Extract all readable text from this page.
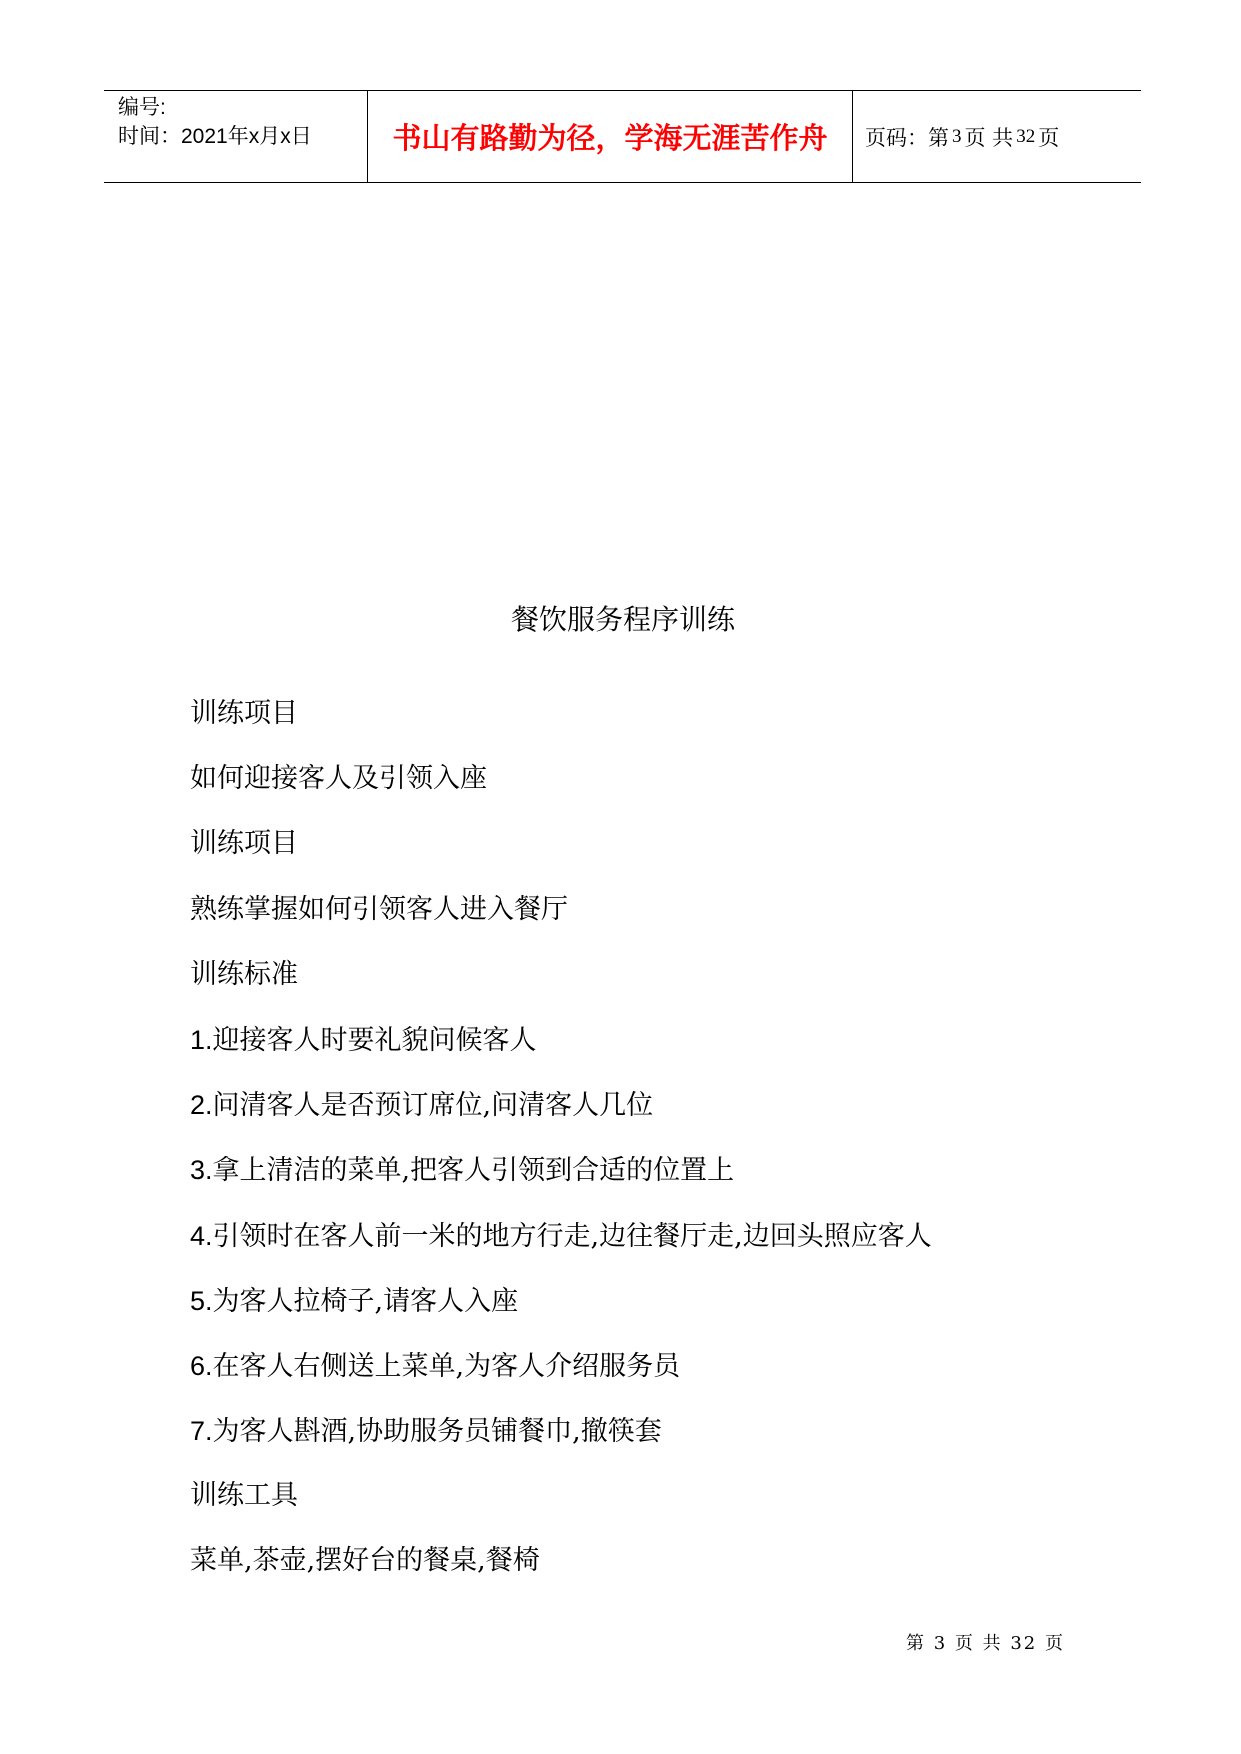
编号:
时间：2021年x月x日	书山有路勤为径，学海无涯苦作舟 页码：第 3 页 共 32 页
餐饮服务程序训练
训练项目
如何迎接客人及引领入座
训练项目
熟练掌握如何引领客人进入餐厅
训练标准
1.迎接客人时要礼貌问候客人
2.问清客人是否预订席位,问清客人几位
3.拿上清洁的菜单,把客人引领到合适的位置上
4.引领时在客人前一米的地方行走,边往餐厅走,边回头照应客人
5.为客人拉椅子,请客人入座
6.在客人右侧送上菜单,为客人介绍服务员
7.为客人斟酒,协助服务员铺餐巾,撤筷套
训练工具
菜单,茶壶,摆好台的餐桌,餐椅
第 3 页 共 32 页
